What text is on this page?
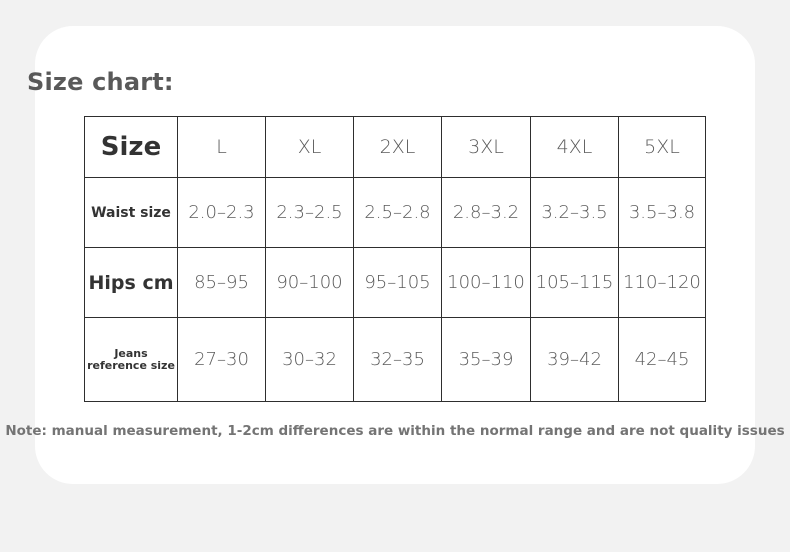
Size chart:
Size	L	XL	2XL	3XL	4XL	5XL
Waist size	2.0–2.3	2.3–2.5	2.5–2.8	2.8–3.2	3.2–3.5	3.5–3.8
Hips cm	85–95	90–100	95–105	100–110	105–115	110–120
Jeans
reference size	27–30	30–32	32–35	35–39	39–42	42–45
Note: manual measurement, 1-2cm differences are within the normal range and are not quality issues
